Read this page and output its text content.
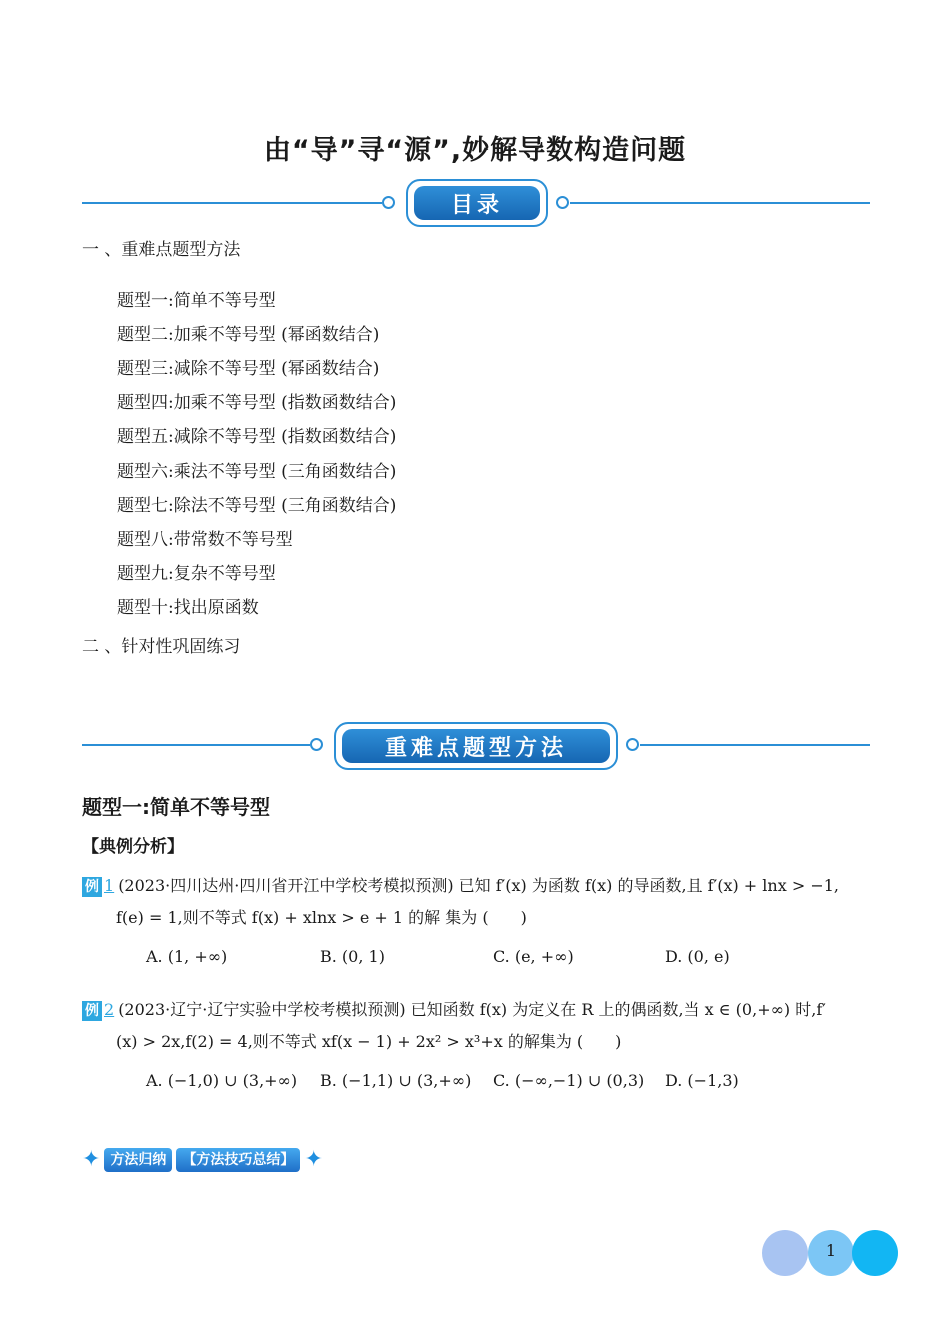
由“导”寻“源”,妙解导数构造问题
目录
一 、重难点题型方法
题型一:简单不等号型
题型二:加乘不等号型 (幂函数结合)
题型三:减除不等号型 (幂函数结合)
题型四:加乘不等号型 (指数函数结合)
题型五:减除不等号型 (指数函数结合)
题型六:乘法不等号型 (三角函数结合)
题型七:除法不等号型 (三角函数结合)
题型八:带常数不等号型
题型九:复杂不等号型
题型十:找出原函数
二 、针对性巩固练习
重难点题型方法
题型一:简单不等号型
【典例分析】
例 1 (2023·四川达州·四川省开江中学校考模拟预测) 已知 f′(x) 为函数 f(x) 的导函数,且 f′(x) + lnx > −1,
f(e) = 1,则不等式 f(x) + xlnx > e + 1 的解 集为 (　　)
A. (1, +∞)	B. (0, 1)	C. (e, +∞)	D. (0, e)
例 2 (2023·辽宁·辽宁实验中学校考模拟预测) 已知函数 f(x) 为定义在 R 上的偶函数,当 x ∈ (0,+∞) 时,f′
(x) > 2x,f(2) = 4,则不等式 xf(x − 1) + 2x² > x³+x 的解集为 (　　)
A. (−1,0) ∪ (3,+∞) B. (−1,1) ∪ (3,+∞) C. (−∞,−1) ∪ (0,3) D. (−1,3)
✦ 方法归纳	【方法技巧总结】 ✦
1
